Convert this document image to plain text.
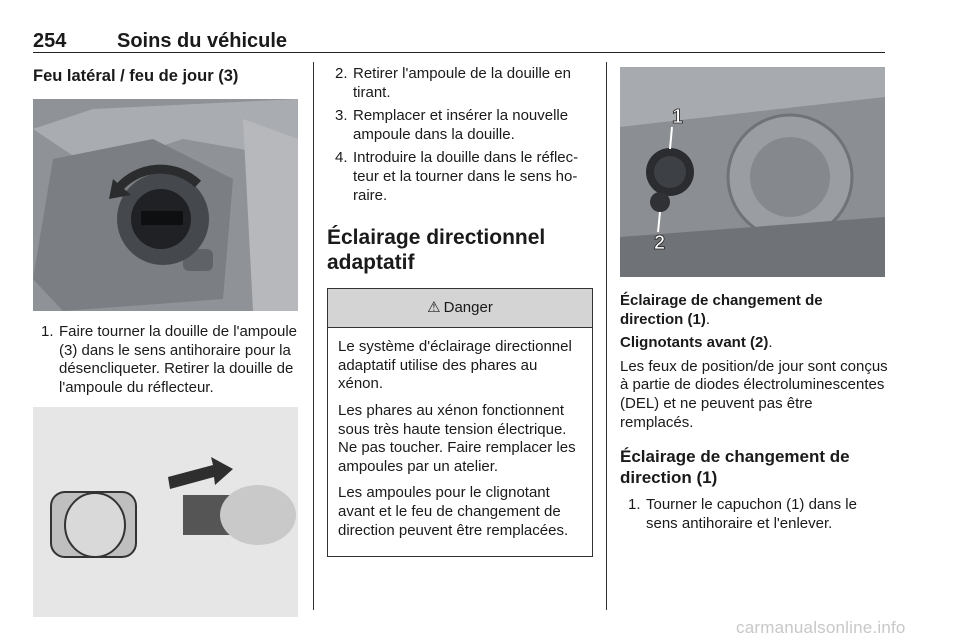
254	Soins du véhicule
Feu latéral / feu de jour (3)
1. Faire tourner la douille de l'ampoule (3) dans le sens antihoraire pour la désencliqueter. Retirer la douille de l'ampoule du réflecteur.
2. Retirer l'ampoule de la douille en tirant.
3. Remplacer et insérer la nouvelle ampoule dans la douille.
4. Introduire la douille dans le réflecteur et la tourner dans le sens horaire.
Éclairage directionnel adaptatif
⚠ Danger

Le système d'éclairage directionnel adaptatif utilise des phares au xénon.

Les phares au xénon fonctionnent sous très haute tension électrique. Ne pas toucher. Faire remplacer les ampoules par un atelier.

Les ampoules pour le clignotant avant et le feu de changement de direction peuvent être remplacées.

1
2

Éclairage de changement de direction (1).

Clignotants avant (2).

Les feux de position/de jour sont conçus à partie de diodes électroluminescentes (DEL) et ne peuvent pas être remplacés.

Éclairage de changement de direction (1)
1. Tourner le capuchon (1) dans le sens antihoraire et l'enlever.
carmanualsonline.info
